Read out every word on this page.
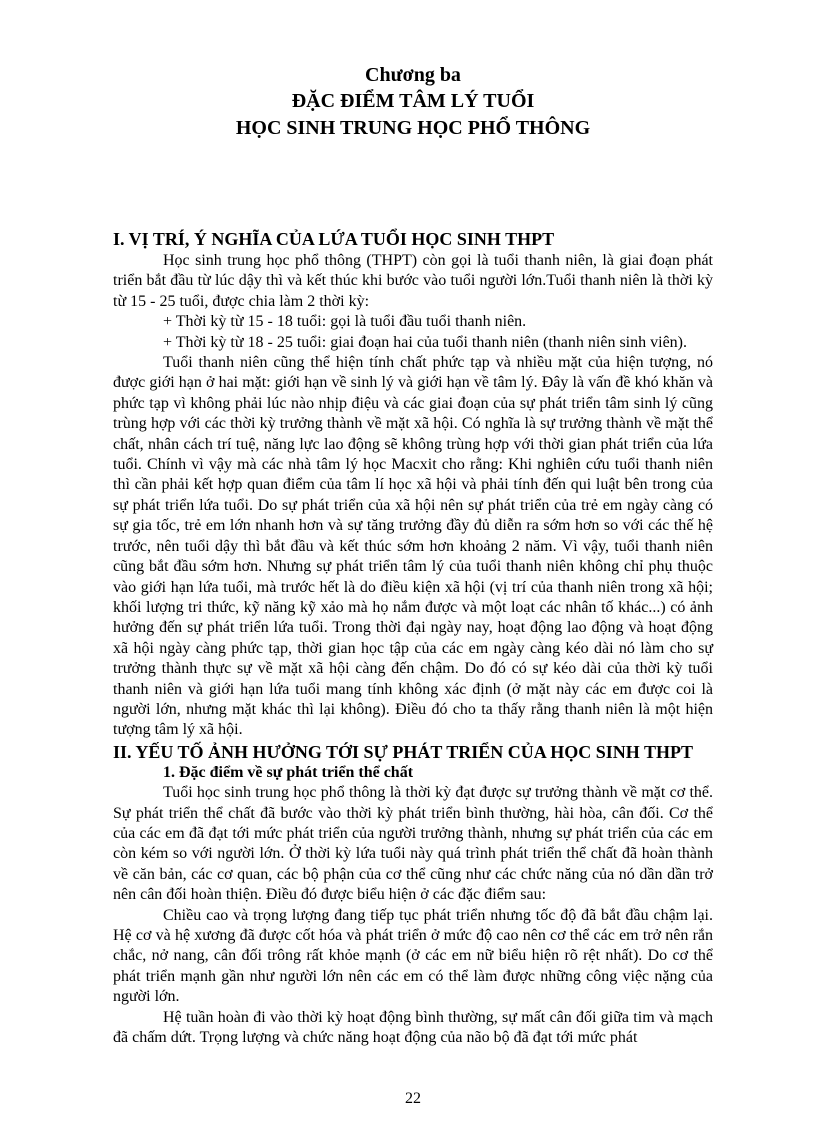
Chương ba
ĐẶC ĐIỂM TÂM LÝ TUỔI
HỌC SINH TRUNG HỌC PHỔ THÔNG
I. VỊ TRÍ, Ý NGHĨA CỦA LỨA TUỔI HỌC SINH THPT

Học sinh trung học phổ thông (THPT) còn gọi là tuổi thanh niên, là giai đoạn phát triển bắt đầu từ lúc dậy thì và kết thúc khi bước vào tuổi người lớn.Tuổi thanh niên là thời kỳ từ 15 - 25 tuổi, được chia làm 2 thời kỳ:

+ Thời kỳ từ 15 - 18 tuổi: gọi là tuổi đầu tuổi thanh niên.

+ Thời kỳ từ 18 - 25 tuổi: giai đoạn hai của tuổi thanh niên (thanh niên sinh viên).

Tuổi thanh niên cũng thể hiện tính chất phức tạp và nhiều mặt của hiện tượng, nó được giới hạn ở hai mặt: giới hạn về sinh lý và giới hạn về tâm lý. Đây là vấn đề khó khăn và phức tạp vì không phải lúc nào nhịp điệu và các giai đoạn của sự phát triển tâm sinh lý cũng trùng hợp với các thời kỳ trưởng thành về mặt xã hội. Có nghĩa là sự trưởng thành về mặt thể chất, nhân cách trí tuệ, năng lực lao động sẽ không trùng hợp với thời gian phát triển của lứa tuổi. Chính vì vậy mà các nhà tâm lý học Macxit cho rằng: Khi nghiên cứu tuổi thanh niên thì cần phải kết hợp quan điểm của tâm lí học xã hội và phải tính đến qui luật bên trong của sự phát triển lứa tuổi. Do sự phát triển của xã hội nên sự phát triển của trẻ em ngày càng có sự gia tốc, trẻ em lớn nhanh hơn và sự tăng trưởng đầy đủ diễn ra sớm hơn so với các thế hệ trước, nên tuổi dậy thì bắt đầu và kết thúc sớm hơn khoảng 2 năm. Vì vậy, tuổi thanh niên cũng bắt đầu sớm hơn. Nhưng sự phát triển tâm lý của tuổi thanh niên không chỉ phụ thuộc vào giới hạn lứa tuổi, mà trước hết là do điều kiện xã hội (vị trí của thanh niên trong xã hội; khối lượng tri thức, kỹ năng kỹ xảo mà họ nắm được và một loạt các nhân tố khác...) có ảnh hưởng đến sự phát triển lứa tuổi. Trong thời đại ngày nay, hoạt động lao động và hoạt động xã hội ngày càng phức tạp, thời gian học tập của các em ngày càng kéo dài nó làm cho sự trưởng thành thực sự về mặt xã hội càng đến chậm. Do đó có sự kéo dài của thời kỳ tuổi thanh niên và giới hạn lứa tuổi mang tính không xác định (ở mặt này các em được coi là người lớn, nhưng mặt khác thì lại không). Điều đó cho ta thấy rằng thanh niên là một hiện tượng tâm lý xã hội.

II. YẾU TỐ ẢNH HƯỞNG TỚI SỰ PHÁT TRIỂN CỦA HỌC SINH THPT
1. Đặc điểm về sự phát triển thể chất

Tuổi học sinh trung học phổ thông là thời kỳ đạt được sự trưởng thành về mặt cơ thể. Sự phát triển thể chất đã bước vào thời kỳ phát triển bình thường, hài hòa, cân đối. Cơ thể của các em đã đạt tới mức phát triển của người trưởng thành, nhưng sự phát triển của các em còn kém so với người lớn. Ở thời kỳ lứa tuổi này quá trình phát triển thể chất đã hoàn thành về căn bản, các cơ quan, các bộ phận của cơ thể cũng như các chức năng của nó dần dần trở nên cân đối hoàn thiện. Điều đó được biểu hiện ở các đặc điểm sau:

Chiều cao và trọng lượng đang tiếp tục phát triển nhưng tốc độ đã bắt đầu chậm lại. Hệ cơ và hệ xương đã được cốt hóa và phát triển ở mức độ cao nên cơ thể các em trở nên rắn chắc, nở nang, cân đối trông rất khỏe mạnh (ở các em nữ biểu hiện rõ rệt nhất). Do cơ thể phát triển mạnh gần như người lớn nên các em có thể làm được những công việc nặng của người lớn.

Hệ tuần hoàn đi vào thời kỳ hoạt động bình thường, sự mất cân đối giữa tim và mạch đã chấm dứt. Trọng lượng và chức năng hoạt động của não bộ đã đạt tới mức phát

22
